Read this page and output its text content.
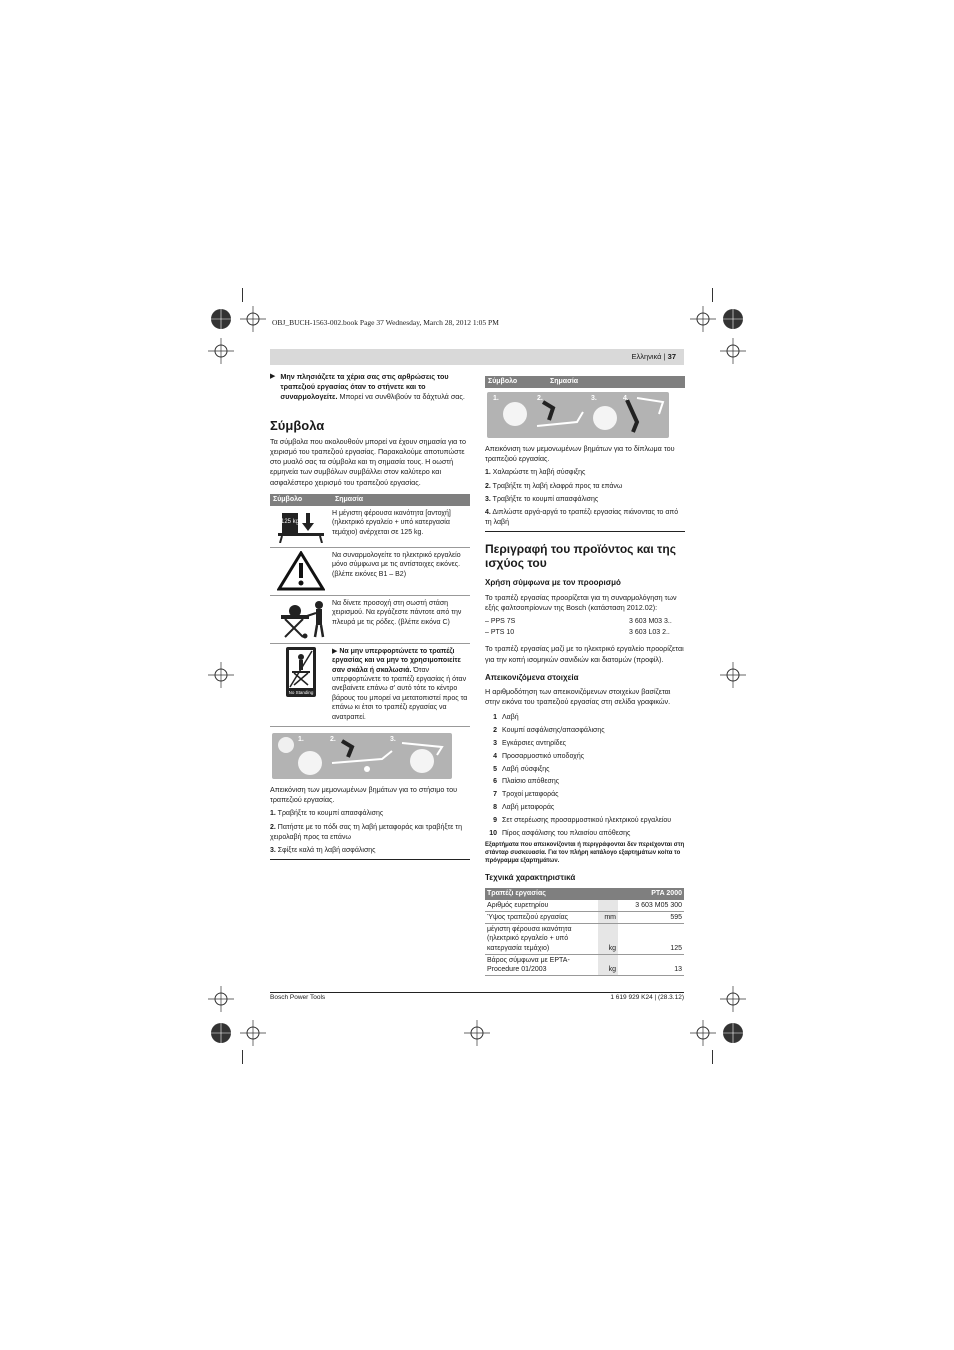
OBJ_BUCH-1563-002.book Page 37 Wednesday, March 28, 2012 1:05 PM
Ελληνικά | 37
▶ Μην πλησιάζετε τα χέρια σας στις αρθρώσεις του τραπεζιού εργασίας όταν το στήνετε και το συναρμολογείτε. Μπορεί να συνθλιβούν τα δάχτυλά σας.

Σύμβολα

Τα σύμβολα που ακολουθούν μπορεί να έχουν σημασία για το χειρισμό του τραπεζιού εργασίας. Παρακαλούμε αποτυπώστε στο μυαλό σας τα σύμβολα και τη σημασία τους. Η οωστή ερμηνεία των συμβόλων συμβάλλει στον καλύτερο και ασφαλέστερο χειρισμό του τραπεζιού εργασίας.

Σύμβολο	Σημασία
125 kg
Η μέγιστη φέρουσα ικανότητα [αντοχή] (ηλεκτρικό εργαλείο + υπό κατεργασία τεμάχιο) ανέρχεται σε 125 kg.
Να συναρμολογείτε το ηλεκτρικό εργαλείο μόνο σύμφωνα με τις αντίστοιχες εικόνες. (βλέπε εικόνες B1 – B2)
Να δίνετε προσοχή στη σωστή στάση χειρισμού. Να εργάζεστε πάντοτε από την πλευρά με τις ρόδες. (βλέπε εικόνα C)
No Standing
▶ Να μην υπερφορτώνετε το τραπέζι εργασίας και να μην το χρησιμοποιείτε σαν σκάλα ή σκαλωσιά. Όταν υπερφορτώνετε το τραπέζι εργασίας ή όταν ανεβαίνετε επάνω σ' αυτό τότε το κέντρο βάρους του μπορεί να μετατοπιστεί προς τα επάνω κι έτσι το τραπέζι εργασίας να ανατραπεί.
1.	2.	3.

Απεικόνιση των μεμονωμένων βημάτων για το στήσιμο του τραπεζιού εργασίας.

1. Τραβήξτε το κουμπί απασφάλισης
2. Πατήστε με το πόδι σας τη λαβή μεταφοράς και τραβήξτε τη χειρολαβή προς τα επάνω
3. Σφίξτε καλά τη λαβή ασφάλισης
Σύμβολο	Σημασία
1.	2.	3.	4.

Απεικόνιση των μεμονωμένων βημάτων για το δίπλωμα του τραπεζιού εργασίας.

1. Χαλαρώστε τη λαβή σύσφιξης
2. Τραβήξτε τη λαβή ελαφρά προς τα επάνω
3. Τραβήξτε το κουμπί απασφάλισης
4. Διπλώστε αργά-αργά το τραπέζι εργασίας πιάνοντας το από τη λαβή
Περιγραφή του προϊόντος και της ισχύος του
Χρήση σύμφωνα με τον προορισμό

Το τραπέζι εργασίας προορίζεται για τη συναρμολόγηση των εξής φαλτσοπρίονων της Bosch (κατάσταση 2012.02):

– PPS 7S	3 603 M03 3..
– PTS 10	3 603 L03 2..

Το τραπέζι εργασίας μαζί με το ηλεκτρικό εργαλείο προορίζεται για την κοπή ισομηκών σανιδιών και διατομών (προφίλ).

Απεικονιζόμενα στοιχεία

Η αριθμοδότηση των απεικονιζόμενων στοιχείων βασίζεται στην εικόνα του τραπεζιού εργασίας στη σελίδα γραφικών.

1 Λαβή
2 Κουμπί ασφάλισης/απασφάλισης
3 Εγκάρσιες αντηρίδες
4 Προσαρμοστικό υποδοχής
5 Λαβή σύσφιξης
6 Πλαίσιο απόθεσης
7 Τροχοί μεταφοράς
8 Λαβή μεταφοράς
9 Σετ στερέωσης προσαρμοστικού ηλεκτρικού εργαλείου
10 Πίρος ασφάλισης του πλαισίου απόθεσης

Εξαρτήματα που απεικονίζονται ή περιγράφονται δεν περιέχονται στη στάνταρ συσκευασία. Για τον πλήρη κατάλογο εξαρτημάτων κοίτα το πρόγραμμα εξαρτημάτων.

Τεχνικά χαρακτηριστικά
Τραπέζι εργασίας		PTA 2000
Αριθμός ευρετηρίου		3 603 M05 300
Ύψος τραπεζιού εργασίας	mm	595
μέγιστη φέρουσα ικανότητα (ηλεκτρικό εργαλείο + υπό κατεργασία τεμάχιο)	kg	125
Βάρος σύμφωνα με EPTA-Procedure 01/2003	kg	13
Bosch Power Tools	1 619 929 K24 | (28.3.12)
